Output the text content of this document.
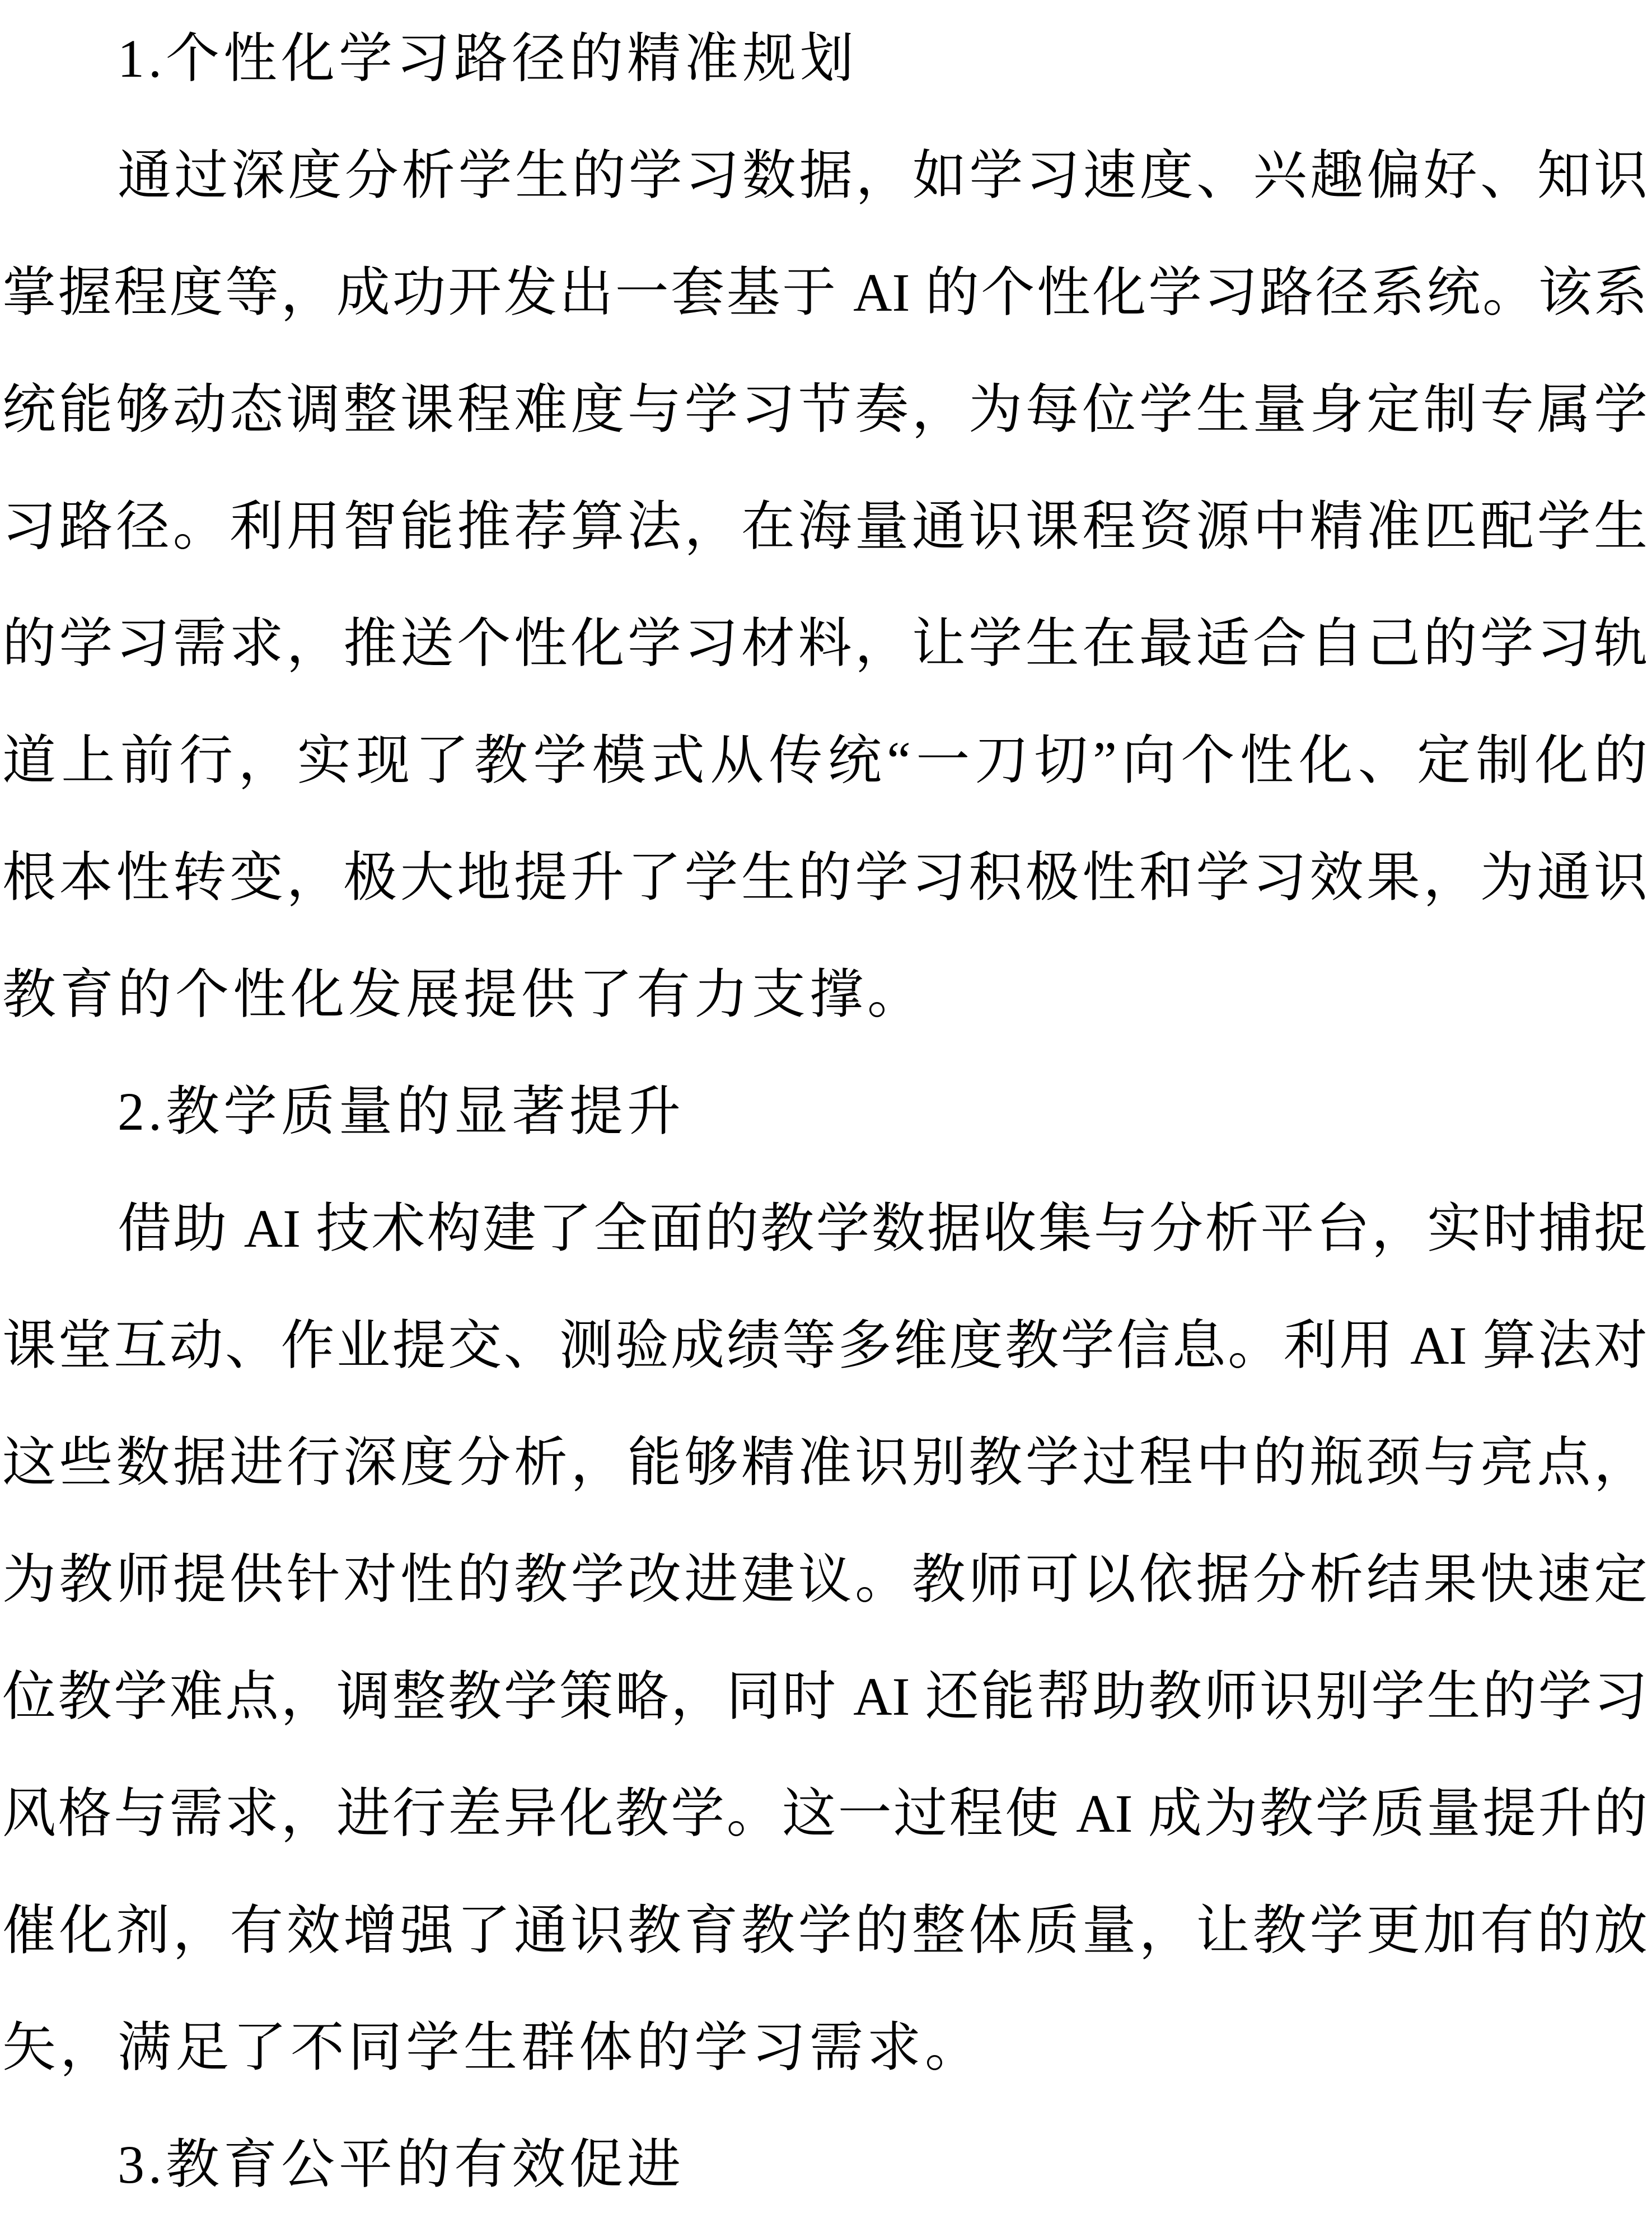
1.个性化学习路径的精准规划
通过深度分析学生的学习数据，如学习速度、兴趣偏好、知识
掌握程度等，成功开发出一套基于 AI 的个性化学习路径系统。该系
统能够动态调整课程难度与学习节奏，为每位学生量身定制专属学
习路径。利用智能推荐算法，在海量通识课程资源中精准匹配学生
的学习需求，推送个性化学习材料，让学生在最适合自己的学习轨
道上前行，实现了教学模式从传统“一刀切”向个性化、定制化的
根本性转变，极大地提升了学生的学习积极性和学习效果，为通识
教育的个性化发展提供了有力支撑。
2.教学质量的显著提升
借助 AI 技术构建了全面的教学数据收集与分析平台，实时捕捉
课堂互动、作业提交、测验成绩等多维度教学信息。利用 AI 算法对
这些数据进行深度分析，能够精准识别教学过程中的瓶颈与亮点，
为教师提供针对性的教学改进建议。教师可以依据分析结果快速定
位教学难点，调整教学策略，同时 AI 还能帮助教师识别学生的学习
风格与需求，进行差异化教学。这一过程使 AI 成为教学质量提升的
催化剂，有效增强了通识教育教学的整体质量，让教学更加有的放
矢，满足了不同学生群体的学习需求。
3.教育公平的有效促进
